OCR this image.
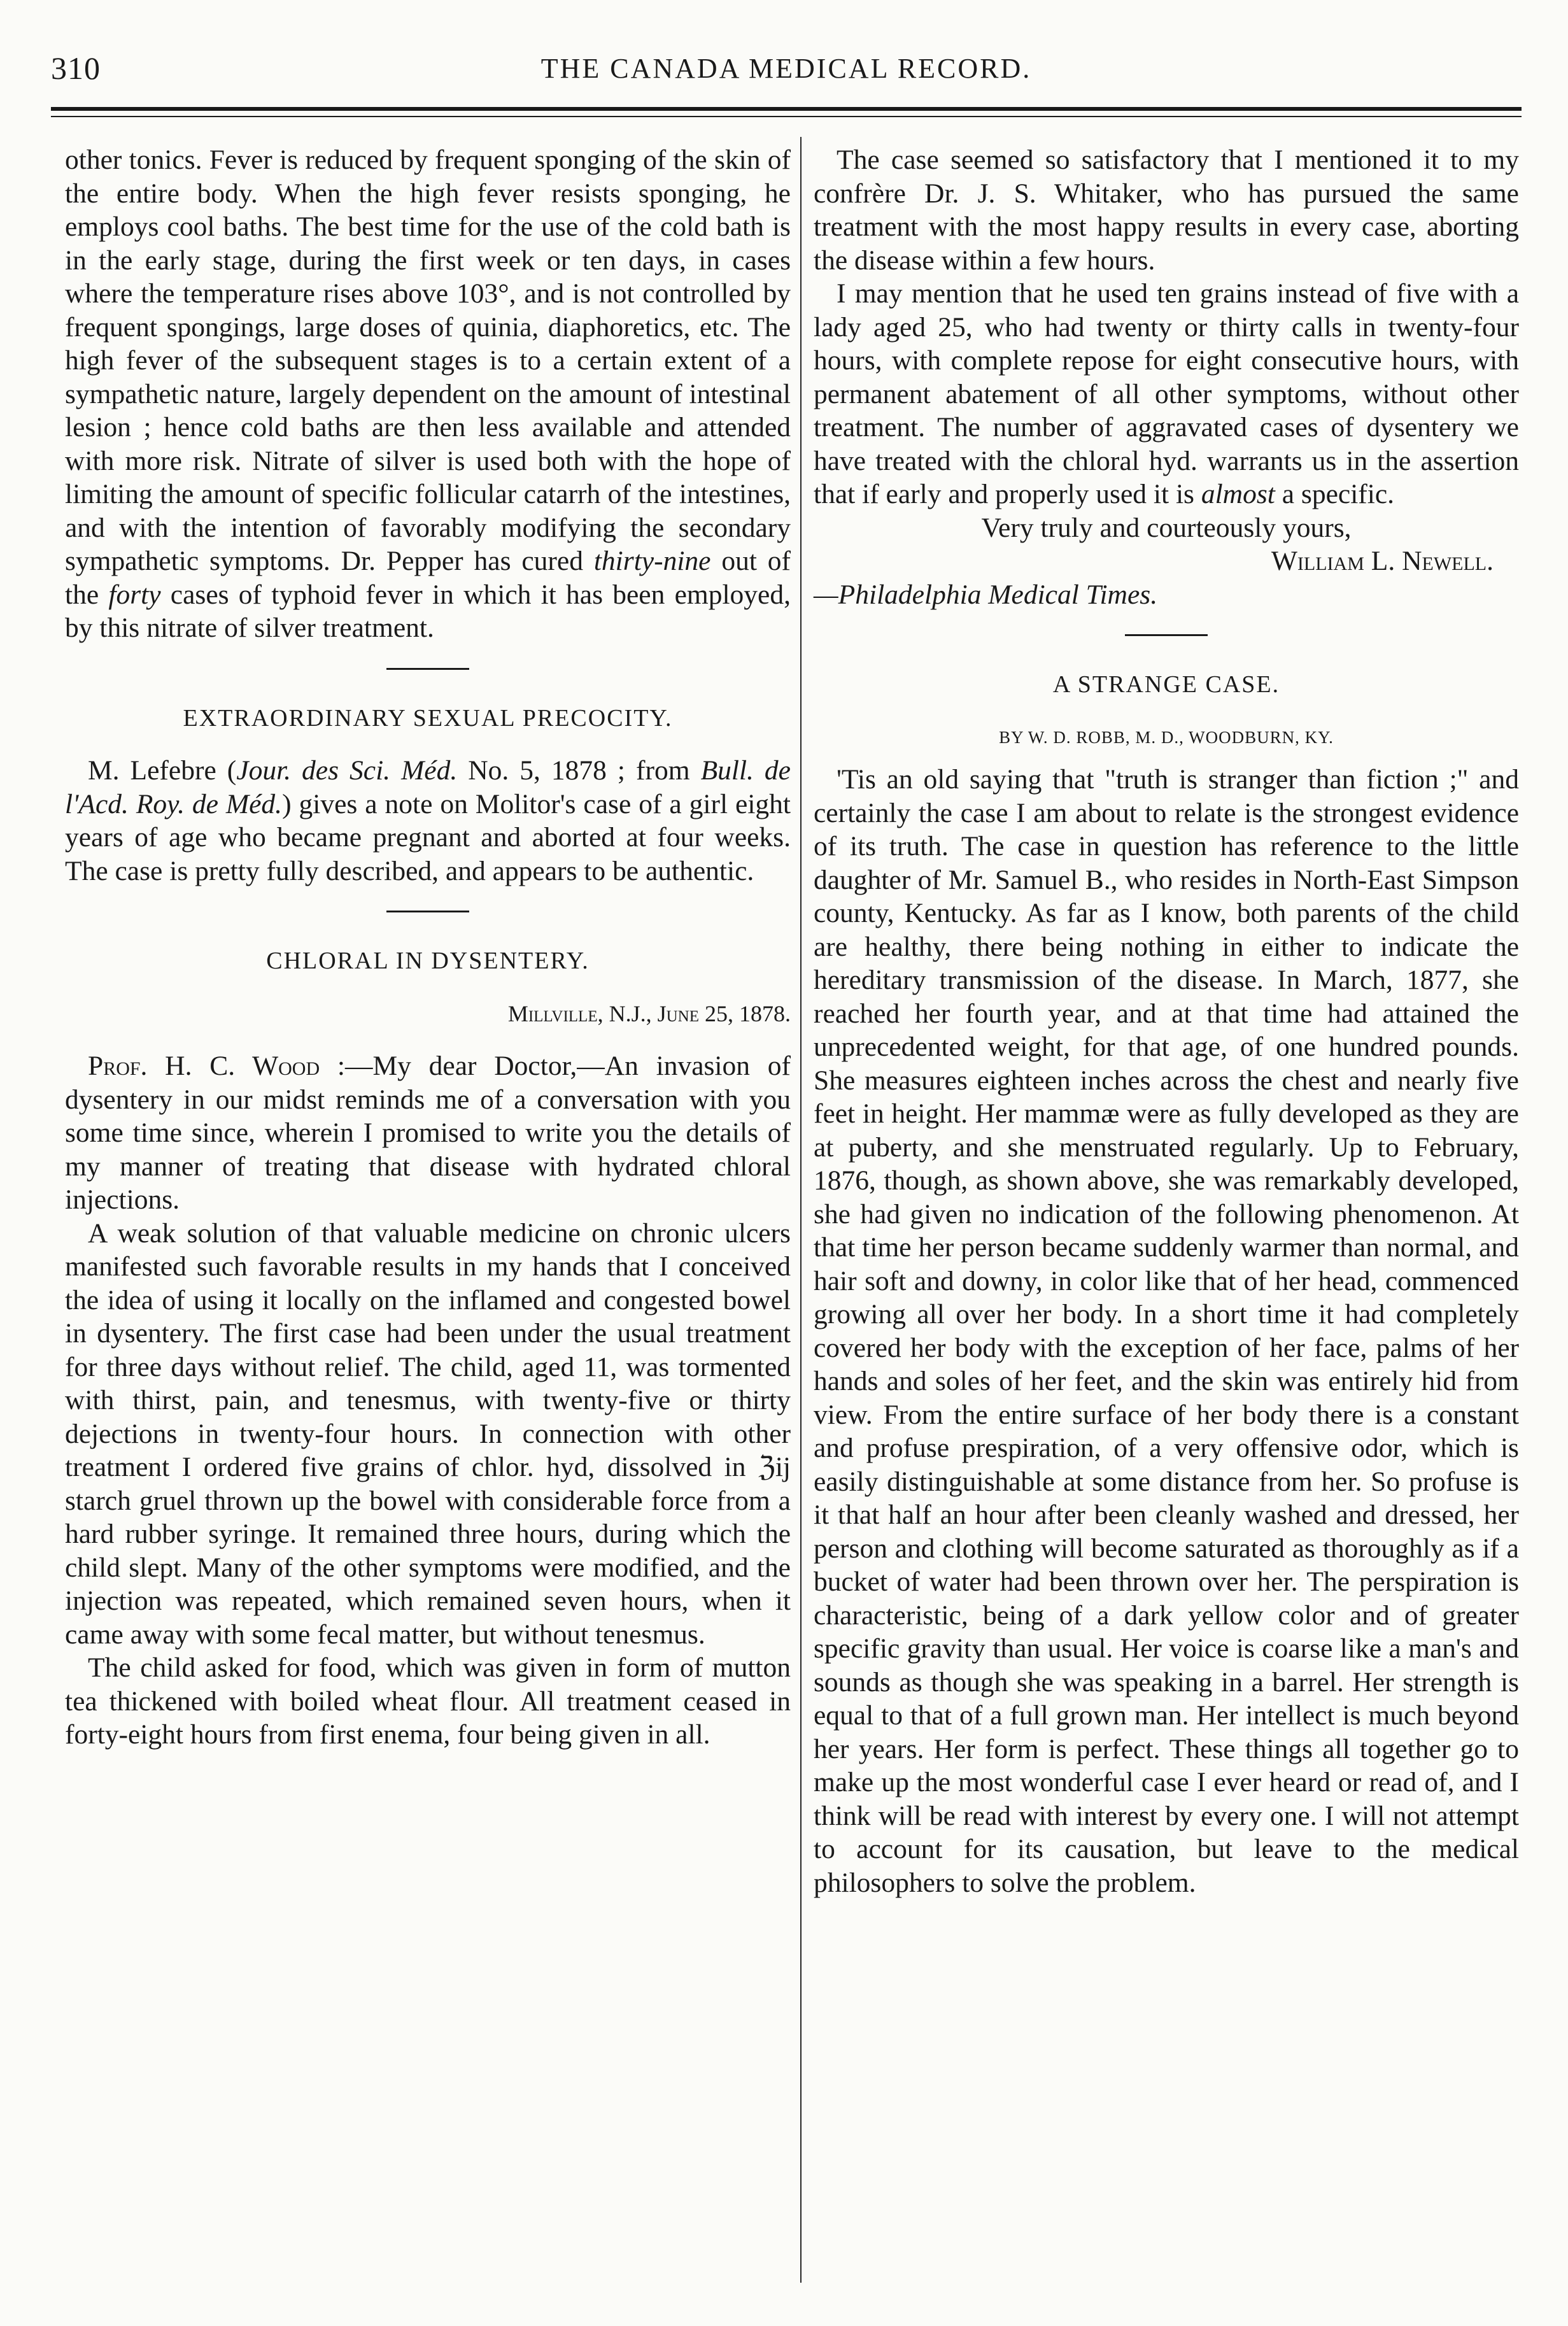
310	THE CANADA MEDICAL RECORD.

other tonics. Fever is reduced by frequent sponging of the skin of the entire body. When the high fever resists sponging, he employs cool baths. The best time for the use of the cold bath is in the early stage, during the first week or ten days, in cases where the temperature rises above 103°, and is not controlled by frequent spongings, large doses of quinia, diaphoretics, etc. The high fever of the subsequent stages is to a certain extent of a sympathetic nature, largely dependent on the amount of intestinal lesion ; hence cold baths are then less available and attended with more risk. Nitrate of silver is used both with the hope of limiting the amount of specific follicular catarrh of the intestines, and with the intention of favorably modifying the secondary sympathetic symptoms. Dr. Pepper has cured thirty-nine out of the forty cases of typhoid fever in which it has been employed, by this nitrate of silver treatment.

EXTRAORDINARY SEXUAL PRECOCITY.

M. Lefebre (Jour. des Sci. Méd. No. 5, 1878 ; from Bull. de l'Acd. Roy. de Méd.) gives a note on Molitor's case of a girl eight years of age who became pregnant and aborted at four weeks. The case is pretty fully described, and appears to be authentic.

CHLORAL IN DYSENTERY.
Millville, N.J., June 25, 1878.

Prof. H. C. Wood :—My dear Doctor,—An invasion of dysentery in our midst reminds me of a conversation with you some time since, wherein I promised to write you the details of my manner of treating that disease with hydrated chloral injections.

A weak solution of that valuable medicine on chronic ulcers manifested such favorable results in my hands that I conceived the idea of using it locally on the inflamed and congested bowel in dysentery. The first case had been under the usual treatment for three days without relief. The child, aged 11, was tormented with thirst, pain, and tenesmus, with twenty-five or thirty dejections in twenty-four hours. In connection with other treatment I ordered five grains of chlor. hyd, dissolved in ℨij starch gruel thrown up the bowel with considerable force from a hard rubber syringe. It remained three hours, during which the child slept. Many of the other symptoms were modified, and the injection was repeated, which remained seven hours, when it came away with some fecal matter, but without tenesmus.

The child asked for food, which was given in form of mutton tea thickened with boiled wheat flour. All treatment ceased in forty-eight hours from first enema, four being given in all.

The case seemed so satisfactory that I mentioned it to my confrère Dr. J. S. Whitaker, who has pursued the same treatment with the most happy results in every case, aborting the disease within a few hours.

I may mention that he used ten grains instead of five with a lady aged 25, who had twenty or thirty calls in twenty-four hours, with complete repose for eight consecutive hours, with permanent abatement of all other symptoms, without other treatment. The number of aggravated cases of dysentery we have treated with the chloral hyd. warrants us in the assertion that if early and properly used it is almost a specific.

Very truly and courteously yours,

William L. Newell.

—Philadelphia Medical Times.

A STRANGE CASE.
BY W. D. ROBB, M. D., WOODBURN, KY.

'Tis an old saying that "truth is stranger than fiction ;" and certainly the case I am about to relate is the strongest evidence of its truth. The case in question has reference to the little daughter of Mr. Samuel B., who resides in North-East Simpson county, Kentucky. As far as I know, both parents of the child are healthy, there being nothing in either to indicate the hereditary transmission of the disease. In March, 1877, she reached her fourth year, and at that time had attained the unprecedented weight, for that age, of one hundred pounds. She measures eighteen inches across the chest and nearly five feet in height. Her mammæ were as fully developed as they are at puberty, and she menstruated regularly. Up to February, 1876, though, as shown above, she was remarkably developed, she had given no indication of the following phenomenon. At that time her person became suddenly warmer than normal, and hair soft and downy, in color like that of her head, commenced growing all over her body. In a short time it had completely covered her body with the exception of her face, palms of her hands and soles of her feet, and the skin was entirely hid from view. From the entire surface of her body there is a constant and profuse prespiration, of a very offensive odor, which is easily distinguishable at some distance from her. So profuse is it that half an hour after been cleanly washed and dressed, her person and clothing will become saturated as thoroughly as if a bucket of water had been thrown over her. The perspiration is characteristic, being of a dark yellow color and of greater specific gravity than usual. Her voice is coarse like a man's and sounds as though she was speaking in a barrel. Her strength is equal to that of a full grown man. Her intellect is much beyond her years. Her form is perfect. These things all together go to make up the most wonderful case I ever heard or read of, and I think will be read with interest by every one. I will not attempt to account for its causation, but leave to the medical philosophers to solve the problem.
